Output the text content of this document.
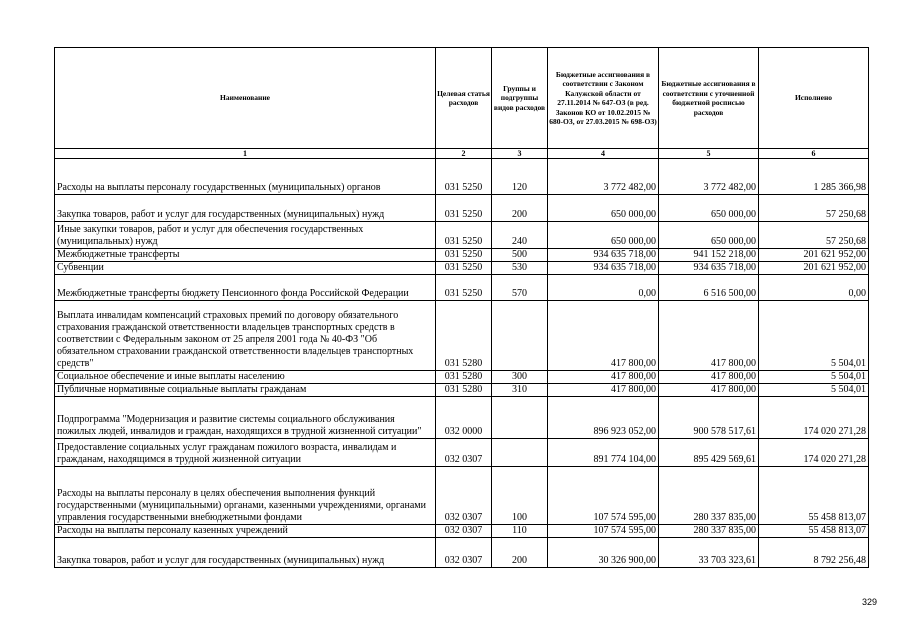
Наименование	Целевая статья расходов	Группы и подгруппы видов расходов	Бюджетные ассигнования в соответствии с Законом Калужской области от 27.11.2014 № 647-ОЗ (в ред. Законов КО от 10.02.2015 № 680-ОЗ, от 27.03.2015 № 698-ОЗ)	Бюджетные ассигнования в соответствии с уточненной бюджетной росписью расходов	Исполнено
1	2	3	4	5	6
Расходы на выплаты персоналу государственных (муниципальных) органов	031 5250	120	3 772 482,00	3 772 482,00	1 285 366,98
Закупка товаров, работ и услуг для государственных (муниципальных) нужд	031 5250	200	650 000,00	650 000,00	57 250,68
Иные закупки товаров, работ и услуг для обеспечения государственных (муниципальных) нужд	031 5250	240	650 000,00	650 000,00	57 250,68
Межбюджетные трансферты	031 5250	500	934 635 718,00	941 152 218,00	201 621 952,00
Субвенции	031 5250	530	934 635 718,00	934 635 718,00	201 621 952,00
Межбюджетные трансферты бюджету Пенсионного фонда Российской Федерации	031 5250	570	0,00	6 516 500,00	0,00
Выплата инвалидам компенсаций страховых премий по договору обязательного страхования гражданской ответственности владельцев транспортных средств в соответствии с Федеральным законом от 25 апреля 2001 года № 40-ФЗ "Об обязательном страховании гражданской ответственности владельцев транспортных средств"	031 5280		417 800,00	417 800,00	5 504,01
Социальное обеспечение и иные выплаты населению	031 5280	300	417 800,00	417 800,00	5 504,01
Публичные нормативные социальные выплаты гражданам	031 5280	310	417 800,00	417 800,00	5 504,01
Подпрограмма "Модернизация и развитие системы социального обслуживания пожилых людей, инвалидов и граждан, находящихся в трудной жизненной ситуации"	032 0000		896 923 052,00	900 578 517,61	174 020 271,28
Предоставление социальных услуг гражданам пожилого возраста, инвалидам и гражданам, находящимся в трудной жизненной ситуации	032 0307		891 774 104,00	895 429 569,61	174 020 271,28
Расходы на выплаты персоналу в целях обеспечения выполнения функций государственными (муниципальными) органами, казенными учреждениями, органами управления государственными внебюджетными фондами	032 0307	100	107 574 595,00	280 337 835,00	55 458 813,07
Расходы на выплаты персоналу казенных учреждений	032 0307	110	107 574 595,00	280 337 835,00	55 458 813,07
Закупка товаров, работ и услуг для государственных (муниципальных) нужд	032 0307	200	30 326 900,00	33 703 323,61	8 792 256,48
329
